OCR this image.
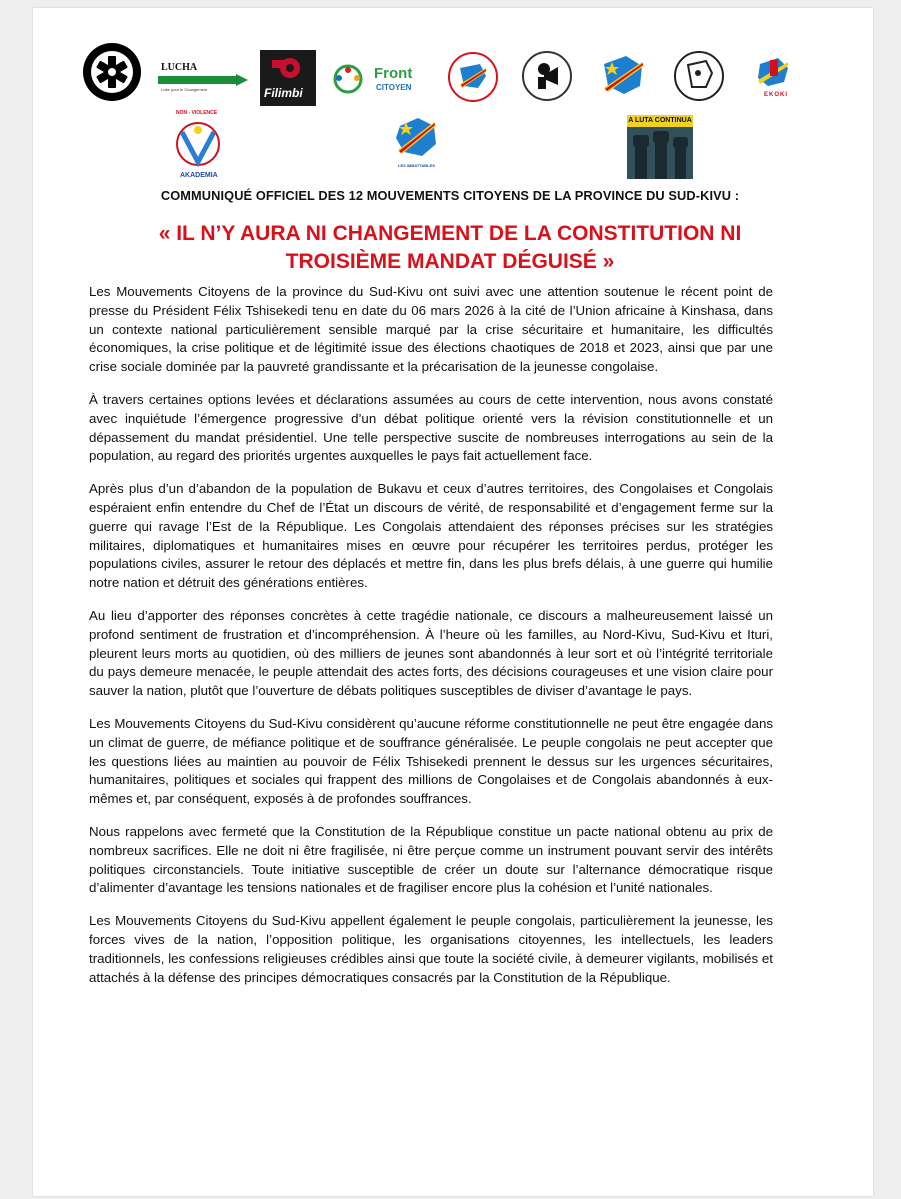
LUCHA
Lutte pour le Changement	Filimbi
Front
CITOYEN
EKOKI
NON - VIOLENCE
AKADEMIA
LES IMBATTABLES
A LUTA CONTINUA
COMMUNIQUÉ OFFICIEL DES 12 MOUVEMENTS CITOYENS DE LA PROVINCE DU SUD-KIVU :
« IL N’Y AURA NI CHANGEMENT DE LA CONSTITUTION NI
TROISIÈME MANDAT DÉGUISÉ »

Les Mouvements Citoyens de la province du Sud-Kivu ont suivi avec une attention soutenue le récent point de presse du Président Félix Tshisekedi tenu en date du 06 mars 2026 à la cité de l’Union africaine à Kinshasa, dans un contexte national particulièrement sensible marqué par la crise sécuritaire et humanitaire, les difficultés économiques, la crise politique et de légitimité issue des élections chaotiques de 2018 et 2023, ainsi que par une crise sociale dominée par la pauvreté grandissante et la précarisation de la jeunesse congolaise.

À travers certaines options levées et déclarations assumées au cours de cette intervention, nous avons constaté avec inquiétude l’émergence progressive d’un débat politique orienté vers la révision constitutionnelle et un dépassement du mandat présidentiel. Une telle perspective suscite de nombreuses interrogations au sein de la population, au regard des priorités urgentes auxquelles le pays fait actuellement face.

Après plus d’un d’abandon de la population de Bukavu et ceux d’autres territoires, des Congolaises et Congolais espéraient enfin entendre du Chef de l’État un discours de vérité, de responsabilité et d’engagement ferme sur la guerre qui ravage l’Est de la République. Les Congolais attendaient des réponses précises sur les stratégies militaires, diplomatiques et humanitaires mises en œuvre pour récupérer les territoires perdus, protéger les populations civiles, assurer le retour des déplacés et mettre fin, dans les plus brefs délais, à une guerre qui humilie notre nation et détruit des générations entières.

Au lieu d’apporter des réponses concrètes à cette tragédie nationale, ce discours a malheureusement laissé un profond sentiment de frustration et d’incompréhension. À l’heure où les familles, au Nord-Kivu, Sud-Kivu et Ituri, pleurent leurs morts au quotidien, où des milliers de jeunes sont abandonnés à leur sort et où l’intégrité territoriale du pays demeure menacée, le peuple attendait des actes forts, des décisions courageuses et une vision claire pour sauver la nation, plutôt que l’ouverture de débats politiques susceptibles de diviser d’avantage le pays.

Les Mouvements Citoyens du Sud-Kivu considèrent qu’aucune réforme constitutionnelle ne peut être engagée dans un climat de guerre, de méfiance politique et de souffrance généralisée. Le peuple congolais ne peut accepter que les questions liées au maintien au pouvoir de Félix Tshisekedi prennent le dessus sur les urgences sécuritaires, humanitaires, politiques et sociales qui frappent des millions de Congolaises et de Congolais abandonnés à eux-mêmes et, par conséquent, exposés à de profondes souffrances.

Nous rappelons avec fermeté que la Constitution de la République constitue un pacte national obtenu au prix de nombreux sacrifices. Elle ne doit ni être fragilisée, ni être perçue comme un instrument pouvant servir des intérêts politiques circonstanciels. Toute initiative susceptible de créer un doute sur l’alternance démocratique risque d’alimenter d’avantage les tensions nationales et de fragiliser encore plus la cohésion et l’unité nationales.

Les Mouvements Citoyens du Sud-Kivu appellent également le peuple congolais, particulièrement la jeunesse, les forces vives de la nation, l’opposition politique, les organisations citoyennes, les intellectuels, les leaders traditionnels, les confessions religieuses crédibles ainsi que toute la société civile, à demeurer vigilants, mobilisés et attachés à la défense des principes démocratiques consacrés par la Constitution de la République.
